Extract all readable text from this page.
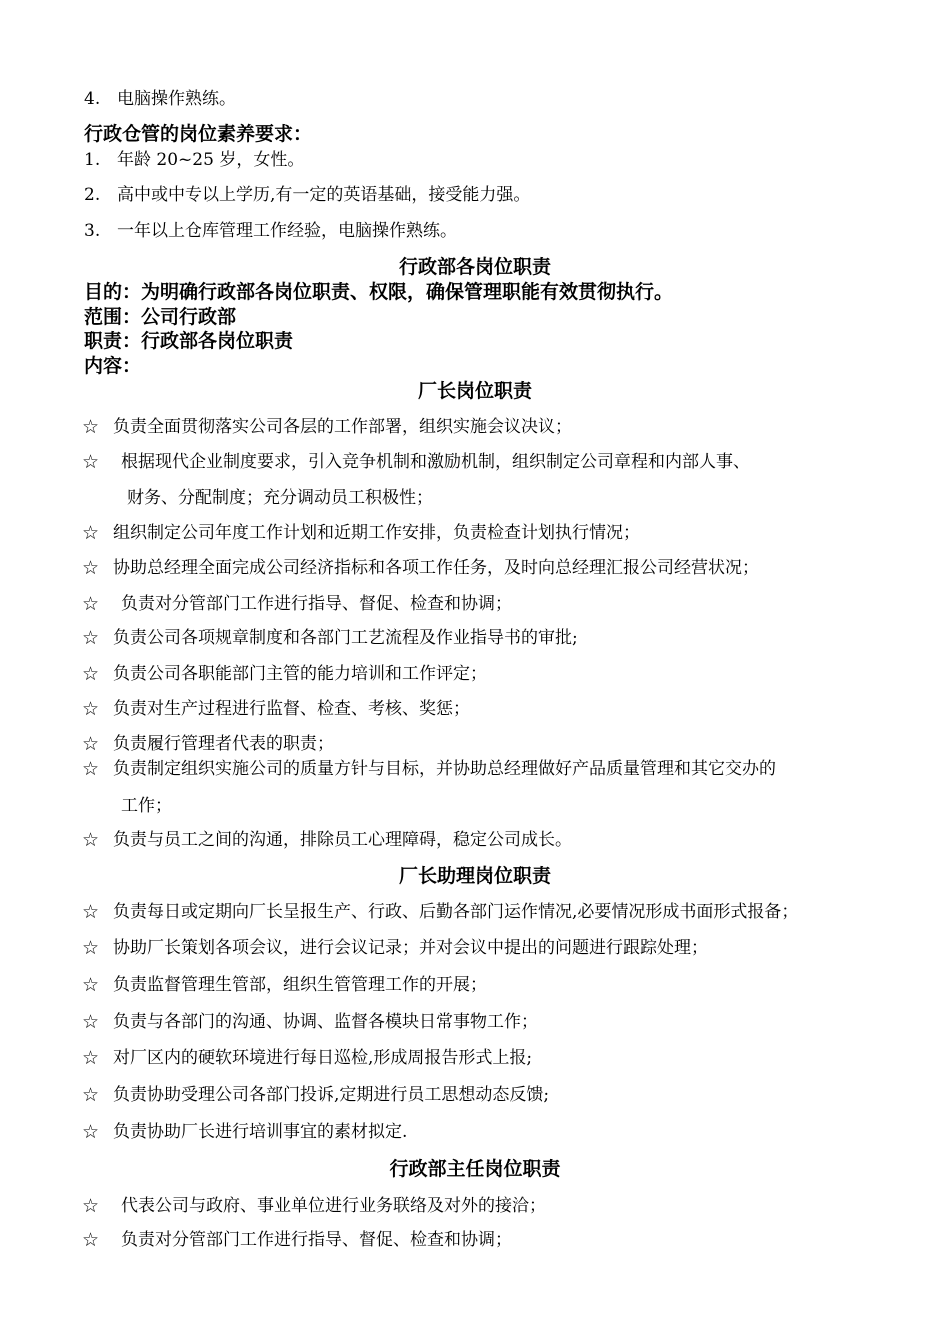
4. 电脑操作熟练。
行政仓管的岗位素养要求：
1. 年龄 20~25 岁，女性。
2. 高中或中专以上学历,有一定的英语基础，接受能力强。
3. 一年以上仓库管理工作经验，电脑操作熟练。
行政部各岗位职责
目的：为明确行政部各岗位职责、权限，确保管理职能有效贯彻执行。
范围：公司行政部
职责：行政部各岗位职责
内容：
厂长岗位职责
☆ 负责全面贯彻落实公司各层的工作部署，组织实施会议决议；
☆ 根据现代企业制度要求，引入竞争机制和激励机制，组织制定公司章程和内部人事、
财务、分配制度；充分调动员工积极性；
☆ 组织制定公司年度工作计划和近期工作安排，负责检查计划执行情况；
☆ 协助总经理全面完成公司经济指标和各项工作任务，及时向总经理汇报公司经营状况；
☆ 负责对分管部门工作进行指导、督促、检查和协调；
☆ 负责公司各项规章制度和各部门工艺流程及作业指导书的审批;
☆ 负责公司各职能部门主管的能力培训和工作评定；
☆ 负责对生产过程进行监督、检查、考核、奖惩；
☆ 负责履行管理者代表的职责；
☆ 负责制定组织实施公司的质量方针与目标，并协助总经理做好产品质量管理和其它交办的
工作；
☆ 负责与员工之间的沟通，排除员工心理障碍，稳定公司成长。
厂长助理岗位职责
☆ 负责每日或定期向厂长呈报生产、行政、后勤各部门运作情况,必要情况形成书面形式报备；
☆ 协助厂长策划各项会议，进行会议记录；并对会议中提出的问题进行跟踪处理；
☆ 负责监督管理生管部，组织生管管理工作的开展；
☆ 负责与各部门的沟通、协调、监督各模块日常事物工作；
☆ 对厂区内的硬软环境进行每日巡检,形成周报告形式上报;
☆ 负责协助受理公司各部门投诉,定期进行员工思想动态反馈;
☆ 负责协助厂长进行培训事宜的素材拟定.
行政部主任岗位职责
☆ 代表公司与政府、事业单位进行业务联络及对外的接洽；
☆ 负责对分管部门工作进行指导、督促、检查和协调；
